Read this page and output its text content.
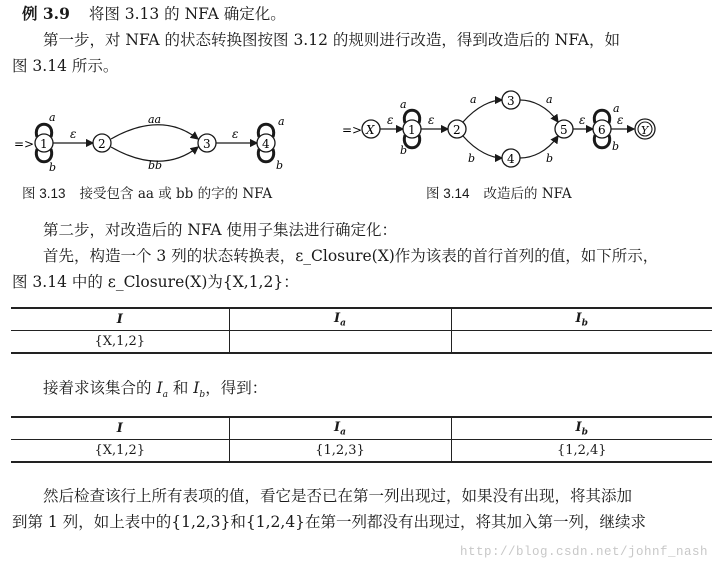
例 3.9 将图 3.13 的 NFA 确定化。
第一步，对 NFA 的状态转换图按图 3.12 的规则进行改造，得到改造后的 NFA，如
图 3.14 所示。
=> 1
a
b
ε
2
aa
bb
3
ε
4
a
b
图 3.13 接受包含 aa 或 bb 的字的 NFA
=> X
ε
1
a
b
ε
2
a
b
3
4
a
b
5
ε
6
a
b
ε
Y
图 3.14 改造后的 NFA
第二步，对改造后的 NFA 使用子集法进行确定化：
首先，构造一个 3 列的状态转换表，ε_Closure(X)作为该表的首行首列的值，如下所示，
图 3.14 中的 ε_Closure(X)为{X,1,2}：
I	$I_a$	$I_b$
{X,1,2}		
接着求该集合的 $I_a$ 和 $I_b$，得到：
I	$I_a$	$I_b$
{X,1,2}	{1,2,3}	{1,2,4}
然后检查该行上所有表项的值，看它是否已在第一列出现过，如果没有出现，将其添加
到第 1 列，如上表中的{1,2,3}和{1,2,4}在第一列都没有出现过，将其加入第一列，继续求
http://blog.csdn.net/johnf_nash
